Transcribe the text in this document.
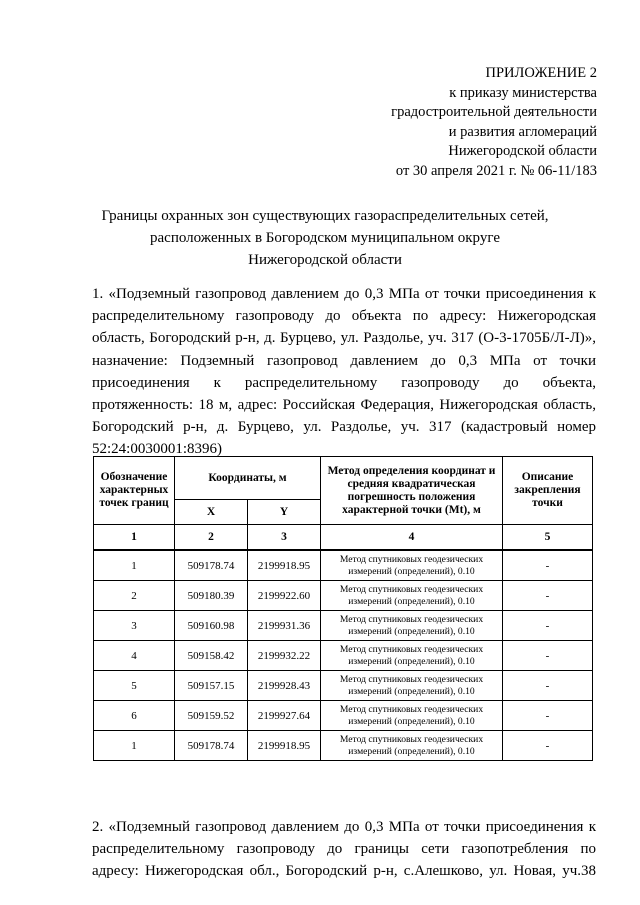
ПРИЛОЖЕНИЕ 2
к приказу министерства
градостроительной деятельности
и развития агломераций
Нижегородской области
от 30 апреля 2021 г. № 06-11/183
Границы охранных зон существующих газораспределительных сетей,
расположенных в Богородском муниципальном округе
Нижегородской области
1. «Подземный газопровод давлением до 0,3 МПа от точки присоединения к
распределительному газопроводу до объекта по адресу: Нижегородская
область, Богородский р-н, д. Бурцево, ул. Раздолье, уч. 317 (О-3-1705Б/Л-Л)»,
назначение: Подземный газопровод давлением до 0,3 МПа от точки
присоединения к распределительному газопроводу до объекта,
протяженность: 18 м, адрес: Российская Федерация, Нижегородская область,
Богородский р-н, д. Бурцево, ул. Раздолье, уч. 317 (кадастровый номер
52:24:0030001:8396)
Обозначение характерных точек границ	Координаты, м		Метод определения координат и средняя квадратическая погрешность положения характерной точки (Мt), м	Описание закрепления точки
	X	Y		
1	2	3	4	5
1	509178.74	2199918.95	Метод спутниковых геодезических измерений (определений), 0.10	-
2	509180.39	2199922.60	Метод спутниковых геодезических измерений (определений), 0.10	-
3	509160.98	2199931.36	Метод спутниковых геодезических измерений (определений), 0.10	-
4	509158.42	2199932.22	Метод спутниковых геодезических измерений (определений), 0.10	-
5	509157.15	2199928.43	Метод спутниковых геодезических измерений (определений), 0.10	-
6	509159.52	2199927.64	Метод спутниковых геодезических измерений (определений), 0.10	-
1	509178.74	2199918.95	Метод спутниковых геодезических измерений (определений), 0.10	-
2. «Подземный газопровод давлением до 0,3 МПа от точки присоединения к
распределительному газопроводу до границы сети газопотребления по
адресу: Нижегородская обл., Богородский р-н, с.Алешково, ул. Новая, уч.38
